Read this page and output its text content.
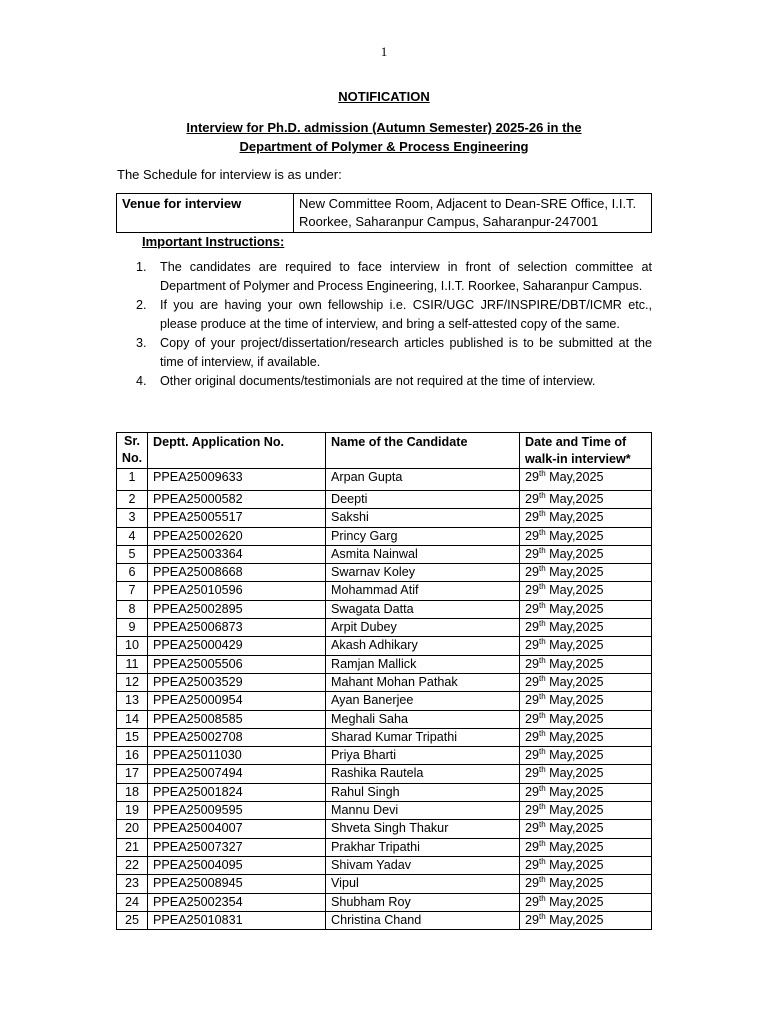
1
NOTIFICATION
Interview for Ph.D. admission (Autumn Semester) 2025-26 in the
Department of Polymer & Process Engineering
The Schedule for interview is as under:
Venue for interview	New Committee Room, Adjacent to Dean-SRE Office, I.I.T. Roorkee, Saharanpur Campus, Saharanpur-247001
Important Instructions:
1.	The candidates are required to face interview in front of selection committee at Department of Polymer and Process Engineering, I.I.T. Roorkee, Saharanpur Campus.
2.	If you are having your own fellowship i.e. CSIR/UGC JRF/INSPIRE/DBT/ICMR etc., please produce at the time of interview, and bring a self-attested copy of the same.
3.	Copy of your project/dissertation/research articles published is to be submitted at the time of interview, if available.
4.	Other original documents/testimonials are not required at the time of interview.
Sr. No.	Deptt. Application No.	Name of the Candidate	Date and Time of walk-in interview*
1	PPEA25009633	Arpan Gupta	29th May,2025
2	PPEA25000582	Deepti	29th May,2025
3	PPEA25005517	Sakshi	29th May,2025
4	PPEA25002620	Princy Garg	29th May,2025
5	PPEA25003364	Asmita Nainwal	29th May,2025
6	PPEA25008668	Swarnav Koley	29th May,2025
7	PPEA25010596	Mohammad Atif	29th May,2025
8	PPEA25002895	Swagata Datta	29th May,2025
9	PPEA25006873	Arpit Dubey	29th May,2025
10	PPEA25000429	Akash Adhikary	29th May,2025
11	PPEA25005506	Ramjan Mallick	29th May,2025
12	PPEA25003529	Mahant Mohan Pathak	29th May,2025
13	PPEA25000954	Ayan Banerjee	29th May,2025
14	PPEA25008585	Meghali Saha	29th May,2025
15	PPEA25002708	Sharad Kumar Tripathi	29th May,2025
16	PPEA25011030	Priya Bharti	29th May,2025
17	PPEA25007494	Rashika Rautela	29th May,2025
18	PPEA25001824	Rahul Singh	29th May,2025
19	PPEA25009595	Mannu Devi	29th May,2025
20	PPEA25004007	Shveta Singh Thakur	29th May,2025
21	PPEA25007327	Prakhar Tripathi	29th May,2025
22	PPEA25004095	Shivam Yadav	29th May,2025
23	PPEA25008945	Vipul	29th May,2025
24	PPEA25002354	Shubham Roy	29th May,2025
25	PPEA25010831	Christina Chand	29th May,2025
